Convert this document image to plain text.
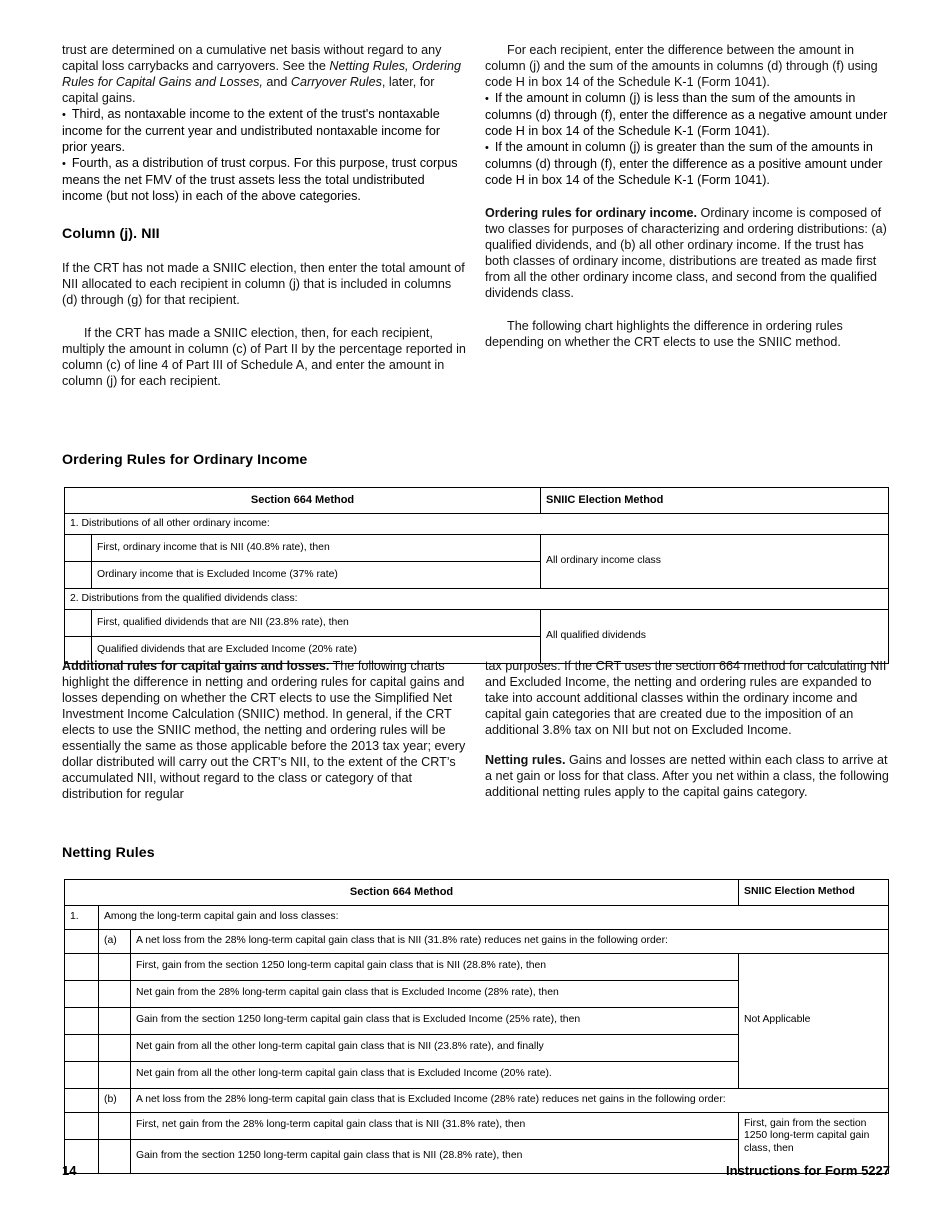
trust are determined on a cumulative net basis without regard to any capital loss carrybacks and carryovers. See the Netting Rules, Ordering Rules for Capital Gains and Losses, and Carryover Rules, later, for capital gains.

• Third, as nontaxable income to the extent of the trust's nontaxable income for the current year and undistributed nontaxable income for prior years.
• Fourth, as a distribution of trust corpus. For this purpose, trust corpus means the net FMV of the trust assets less the total undistributed income (but not loss) in each of the above categories.
Column (j). NII

If the CRT has not made a SNIIC election, then enter the total amount of NII allocated to each recipient in column (j) that is included in columns (d) through (g) for that recipient.

If the CRT has made a SNIIC election, then, for each recipient, multiply the amount in column (c) of Part II by the percentage reported in column (c) of line 4 of Part III of Schedule A, and enter the amount in column (j) for each recipient.

For each recipient, enter the difference between the amount in column (j) and the sum of the amounts in columns (d) through (f) using code H in box 14 of the Schedule K-1 (Form 1041).

• If the amount in column (j) is less than the sum of the amounts in columns (d) through (f), enter the difference as a negative amount under code H in box 14 of the Schedule K-1 (Form 1041).
• If the amount in column (j) is greater than the sum of the amounts in columns (d) through (f), enter the difference as a positive amount under code H in box 14 of the Schedule K-1 (Form 1041).

Ordering rules for ordinary income. Ordinary income is composed of two classes for purposes of characterizing and ordering distributions: (a) qualified dividends, and (b) all other ordinary income. If the trust has both classes of ordinary income, distributions are treated as made first from all the other ordinary income class, and second from the qualified dividends class.

The following chart highlights the difference in ordering rules depending on whether the CRT elects to use the SNIIC method.

Ordering Rules for Ordinary Income
Section 664 Method		SNIIC Election Method
1. Distributions of all other ordinary income:		
	First, ordinary income that is NII (40.8% rate), then	All ordinary income class
	Ordinary income that is Excluded Income (37% rate)	
2. Distributions from the qualified dividends class:		
	First, qualified dividends that are NII (23.8% rate), then	All qualified dividends
	Qualified dividends that are Excluded Income (20% rate)	

Additional rules for capital gains and losses. The following charts highlight the difference in netting and ordering rules for capital gains and losses depending on whether the CRT elects to use the Simplified Net Investment Income Calculation (SNIIC) method. In general, if the CRT elects to use the SNIIC method, the netting and ordering rules will be essentially the same as those applicable before the 2013 tax year; every dollar distributed will carry out the CRT's NII, to the extent of the CRT’s accumulated NII, without regard to the class or category of that distribution for regular

tax purposes. If the CRT uses the section 664 method for calculating NII and Excluded Income, the netting and ordering rules are expanded to take into account additional classes within the ordinary income and capital gain categories that are created due to the imposition of an additional 3.8% tax on NII but not on Excluded Income.

Netting rules. Gains and losses are netted within each class to arrive at a net gain or loss for that class. After you net within a class, the following additional netting rules apply to the capital gains category.

Netting Rules
Section 664 Method			SNIIC Election Method
1.	Among the long-term capital gain and loss classes:		
	(a)	A net loss from the 28% long-term capital gain class that is NII (31.8% rate) reduces net gains in the following order:	
		First, gain from the section 1250 long-term capital gain class that is NII (28.8% rate), then	Not Applicable
		Net gain from the 28% long-term capital gain class that is Excluded Income (28% rate), then	
		Gain from the section 1250 long-term capital gain class that is Excluded Income (25% rate), then	
		Net gain from all the other long-term capital gain class that is NII (23.8% rate), and finally	
		Net gain from all the other long-term capital gain class that is Excluded Income (20% rate).	
	(b)	A net loss from the 28% long-term capital gain class that is Excluded Income (28% rate) reduces net gains in the following order:	
		First, net gain from the 28% long-term capital gain class that is NII (31.8% rate), then	First, gain from the section 1250 long-term capital gain class, then
		Gain from the section 1250 long-term capital gain class that is NII (28.8% rate), then	
14	Instructions for Form 5227
